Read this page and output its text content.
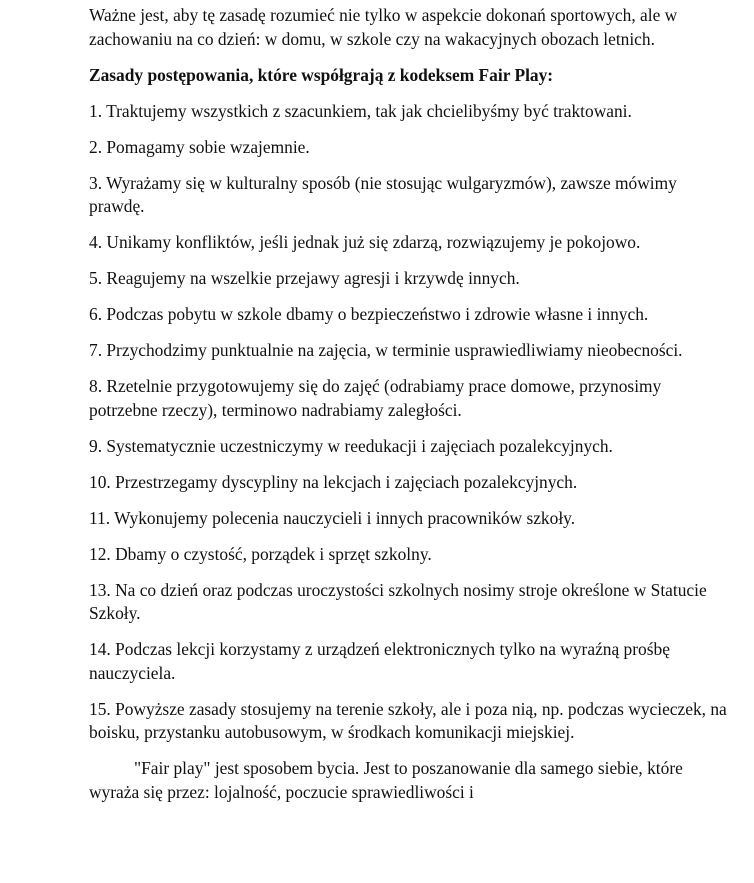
Ważne jest, aby tę zasadę rozumieć nie tylko w aspekcie dokonań sportowych, ale w zachowaniu na co dzień: w domu, w szkole czy na wakacyjnych obozach letnich.

Zasady postępowania, które współgrają z kodeksem Fair Play:

1. Traktujemy wszystkich z szacunkiem, tak jak chcielibyśmy być traktowani.

2. Pomagamy sobie wzajemnie.

3. Wyrażamy się w kulturalny sposób (nie stosując wulgaryzmów), zawsze mówimy prawdę.

4. Unikamy konfliktów, jeśli jednak już się zdarzą, rozwiązujemy je pokojowo.

5. Reagujemy na wszelkie przejawy agresji i krzywdę innych.

6. Podczas pobytu w szkole dbamy o bezpieczeństwo i zdrowie własne i innych.

7. Przychodzimy punktualnie na zajęcia, w terminie usprawiedliwiamy nieobecności.

8. Rzetelnie przygotowujemy się do zajęć (odrabiamy prace domowe, przynosimy potrzebne rzeczy), terminowo nadrabiamy zaległości.

9. Systematycznie uczestniczymy w reedukacji i zajęciach pozalekcyjnych.

10. Przestrzegamy dyscypliny na lekcjach i zajęciach pozalekcyjnych.

11. Wykonujemy polecenia nauczycieli i innych pracowników szkoły.

12. Dbamy o czystość, porządek i sprzęt szkolny.

13. Na co dzień oraz podczas uroczystości szkolnych nosimy stroje określone w Statucie Szkoły.

14. Podczas lekcji korzystamy z urządzeń elektronicznych tylko na wyraźną prośbę nauczyciela.

15. Powyższe zasady stosujemy na terenie szkoły, ale i poza nią, np. podczas wycieczek, na boisku, przystanku autobusowym, w środkach komunikacji miejskiej.

"Fair play" jest sposobem bycia. Jest to poszanowanie dla samego siebie, które wyraża się przez: lojalność, poczucie sprawiedliwości i
